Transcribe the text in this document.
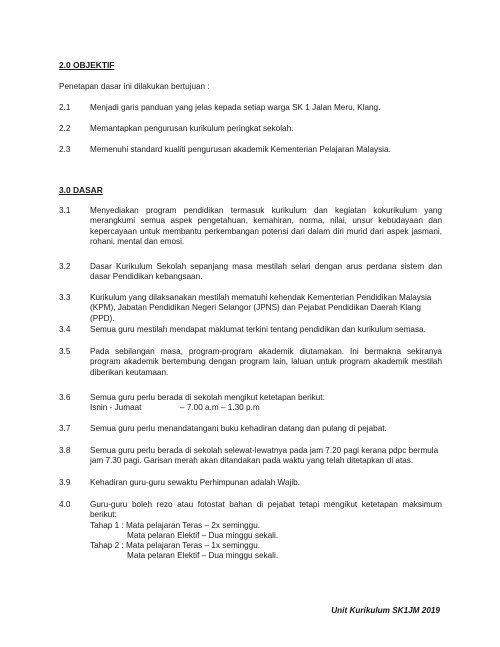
2.0 OBJEKTIF
Penetapan dasar ini dilakukan bertujuan :
2.1 Menjadi garis panduan yang jelas kepada setiap warga SK 1 Jalan Meru, Klang.
2.2 Memantapkan pengurusan kurikulum peringkat sekolah.
2.3 Memenuhi standard kualiti pengurusan akademik Kementerian Pelajaran Malaysia.
3.0 DASAR
3.1 Menyediakan program pendidikan termasuk kurikulum dan kegiatan kokurikulum yang merangkumi semua aspek pengetahuan, kemahiran, norma, nilai, unsur kebudayaan dan kepercayaan untuk membantu perkembangan potensi dari dalam diri murid dari aspek jasmani, rohani, mental dan emosi.
3.2 Dasar Kurikulum Sekolah sepanjang masa mestilah selari dengan arus perdana sistem dan dasar Pendidikan kebangsaan.
3.3 Kurikulum yang dilaksanakan mestilah mematuhi kehendak Kementerian Pendidikan Malaysia (KPM), Jabatan Pendidikan Negeri Selangor (JPNS) dan Pejabat Pendidikan Daerah Klang (PPD).
3.4 Semua guru mestilah mendapat maklumat terkini tentang pendidikan dan kurikulum semasa.
3.5 Pada sebilangan masa, program-program akademik diutamakan. Ini bermakna sekiranya program akademik bertembung dengan program lain, laluan untuk program akademik mestilah diberikan keutamaan.
3.6 Semua guru perlu berada di sekolah mengikut ketetapan berikut:
Isnin - Jumaat	– 7.00 a.m – 1.30 p.m
3.7 Semua guru perlu menandatangani buku kehadiran datang dan pulang di pejabat.
3.8 Semua guru perlu berada di sekolah selewat-lewatnya pada jam 7.20 pagi kerana pdpc bermula jam 7.30 pagi. Garisan merah akan ditandakan pada waktu yang telah ditetapkan di atas.
3.9 Kehadiran guru-guru sewaktu Perhimpunan adalah Wajib.
4.0 Guru-guru boleh rezo atau fotostat bahan di pejabat tetapi mengikut ketetapan maksimum berikut:
Tahap 1 : Mata pelajaran Teras – 2x seminggu.
Mata pelaran Elektif – Dua minggu sekali.
Tahap 2 : Mata pelajaran Teras – 1x seminggu.
Mata pelaran Elektif – Dua minggu sekali.
Unit Kurikulum SK1JM 2019
